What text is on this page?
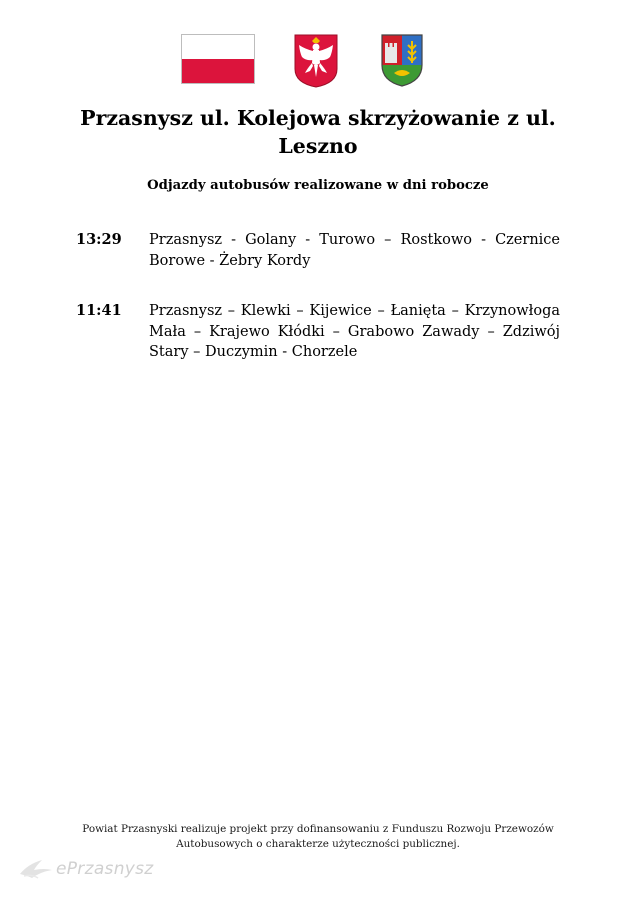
Przasnysz ul. Kolejowa skrzyżowanie z ul. Leszno
Odjazdy autobusów realizowane w dni robocze
13:29	Przasnysz - Golany - Turowo – Rostkowo - Czernice Borowe - Żebry Kordy
11:41	Przasnysz – Klewki – Kijewice – Łanięta – Krzynowłoga Mała – Krajewo Kłódki – Grabowo Zawady – Zdziwój Stary – Duczymin - Chorzele

Powiat Przasnyski realizuje projekt przy dofinansowaniu z Funduszu Rozwoju Przewozów
Autobusowych o charakterze użyteczności publicznej.

ePrzasnysz
